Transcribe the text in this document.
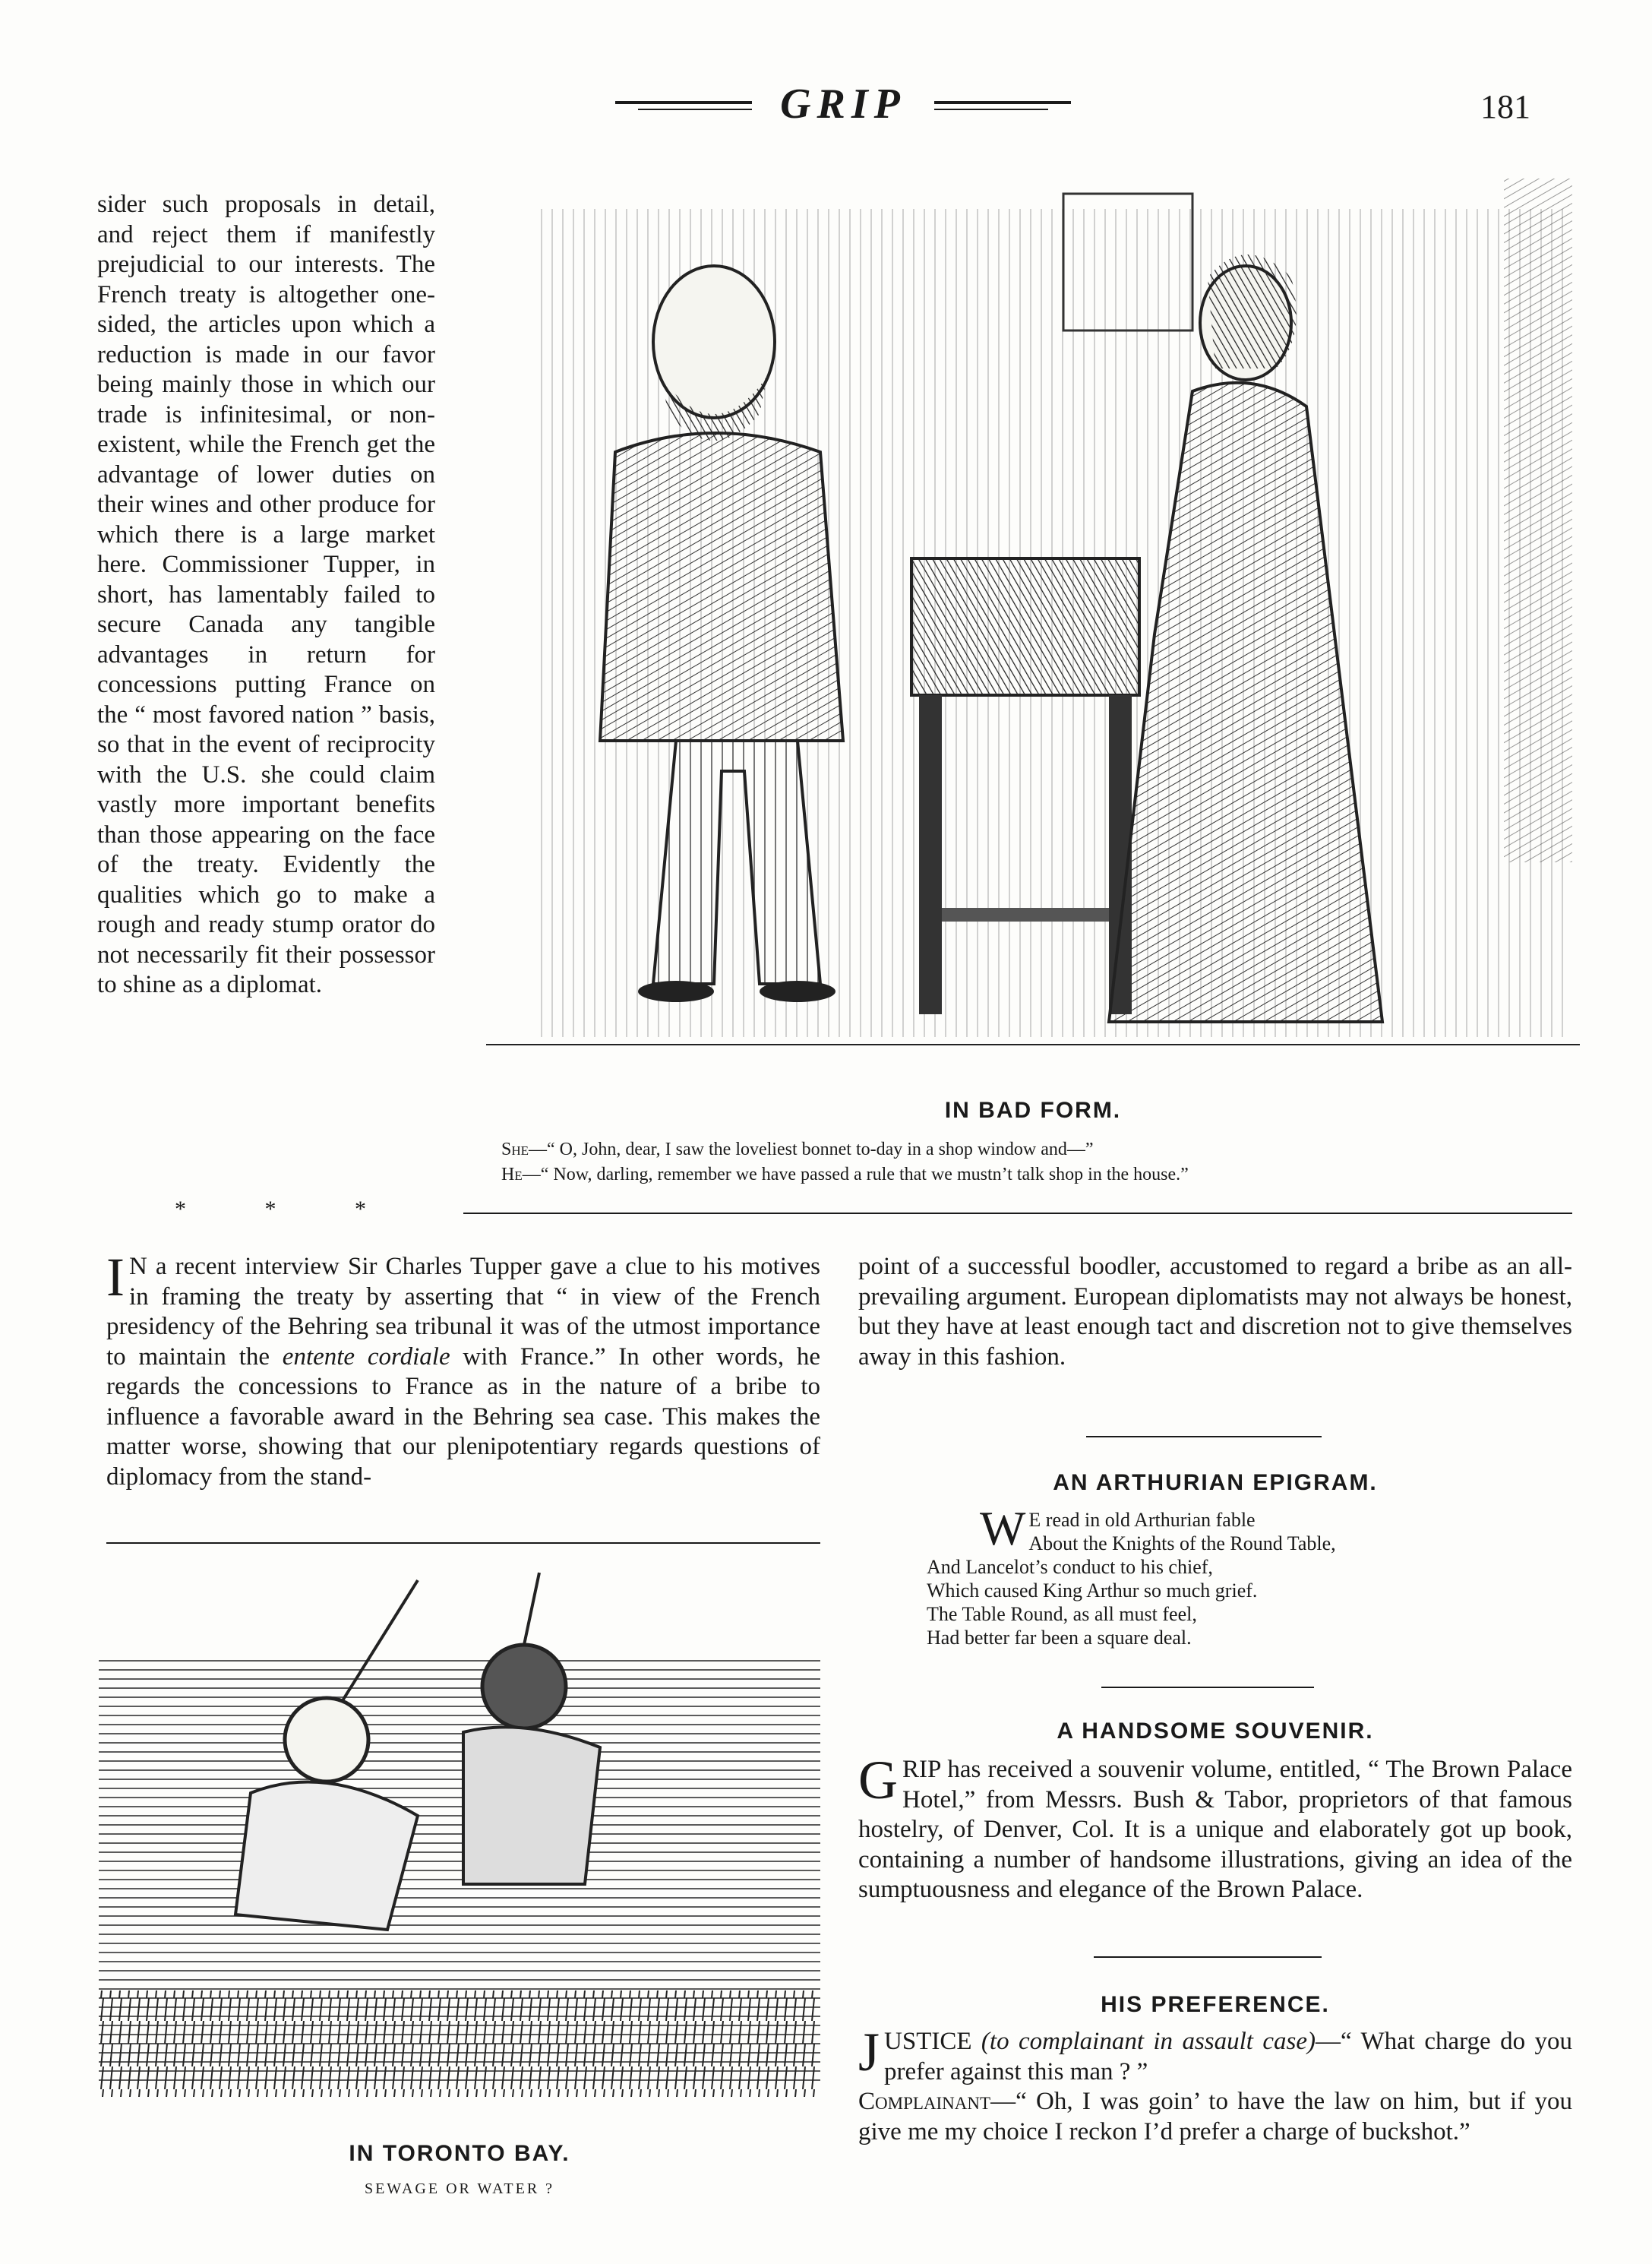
GRIP	181
sider such proposals in detail, and reject them if manifestly prejudicial to our interests. The French treaty is altogether one-sided, the articles upon which a reduction is made in our favor being mainly those in which our trade is infinitesimal, or non-existent, while the French get the advantage of lower duties on their wines and other produce for which there is a large market here. Commissioner Tupper, in short, has lamentably failed to secure Canada any tangible advantages in return for concessions putting France on the “ most favored nation ” basis, so that in the event of reciprocity with the U.S. she could claim vastly more important benefits than those appearing on the face of the treaty. Evidently the qualities which go to make a rough and ready stump orator do not necessarily fit their possessor to shine as a diplomat.
* * *
IN BAD FORM.
She—“ O, John, dear, I saw the loveliest bonnet to-day in a shop window and—”
He—“ Now, darling, remember we have passed a rule that we mustn’t talk shop in the house.”
I N a recent interview Sir Charles Tupper gave a clue to his motives in framing the treaty by asserting that “ in view of the French presidency of the Behring sea tribunal it was of the utmost importance to maintain the entente cordiale with France.” In other words, he regards the concessions to France as in the nature of a bribe to influence a favorable award in the Behring sea case. This makes the matter worse, showing that our plenipotentiary regards questions of diplomacy from the stand-
point of a successful boodler, accustomed to regard a bribe as an all-prevailing argument. European diplomatists may not always be honest, but they have at least enough tact and discretion not to give themselves away in this fashion.
AN ARTHURIAN EPIGRAM.
W E read in old Arthurian fable
About the Knights of the Round Table,
And Lancelot’s conduct to his chief,
Which caused King Arthur so much grief.
The Table Round, as all must feel,
Had better far been a square deal.
A HANDSOME SOUVENIR.
GRIP has received a souvenir volume, entitled, “ The Brown Palace Hotel,” from Messrs. Bush & Tabor, proprietors of that famous hostelry, of Denver, Col. It is a unique and elaborately got up book, containing a number of handsome illustrations, giving an idea of the sumptuousness and elegance of the Brown Palace.
HIS PREFERENCE.
JUSTICE (to complainant in assault case)—“ What charge do you prefer against this man ? ”
Complainant—“ Oh, I was goin’ to have the law on him, but if you give me my choice I reckon I’d prefer a charge of buckshot.”
IN TORONTO BAY.
SEWAGE OR WATER ?
